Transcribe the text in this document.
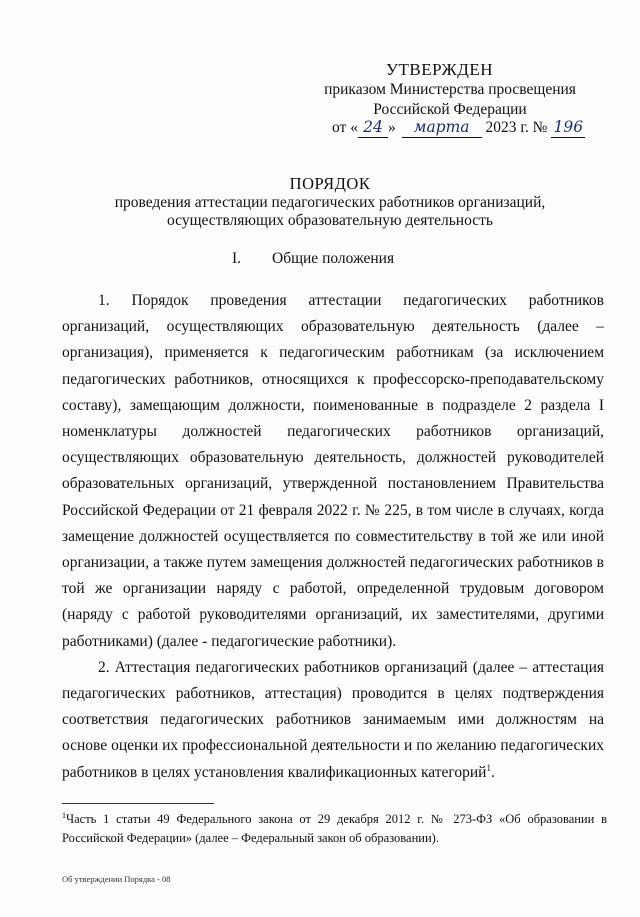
УТВЕРЖДЕН
приказом Министерства просвещения
Российской Федерации
от « 24 » марта 2023 г. № 196
ПОРЯДОК
проведения аттестации педагогических работников организаций,
осуществляющих образовательную деятельность
I. Общие положения

1. Порядок проведения аттестации педагогических работников организаций, осуществляющих образовательную деятельность (далее – организация), применяется к педагогическим работникам (за исключением педагогических работников, относящихся к профессорско-преподавательскому составу), замещающим должности, поименованные в подразделе 2 раздела I номенклатуры должностей педагогических работников организаций, осуществляющих образовательную деятельность, должностей руководителей образовательных организаций, утвержденной постановлением Правительства Российской Федерации от 21 февраля 2022 г. № 225, в том числе в случаях, когда замещение должностей осуществляется по совместительству в той же или иной организации, а также путем замещения должностей педагогических работников в той же организации наряду с работой, определенной трудовым договором (наряду с работой руководителями организаций, их заместителями, другими работниками) (далее - педагогические работники).

2. Аттестация педагогических работников организаций (далее – аттестация педагогических работников, аттестация) проводится в целях подтверждения соответствия педагогических работников занимаемым ими должностям на основе оценки их профессиональной деятельности и по желанию педагогических работников в целях установления квалификационных категорий$^1$.

$^1$Часть 1 статьи 49 Федерального закона от 29 декабря 2012 г. № 273-ФЗ «Об образовании в Российской Федерации» (далее – Федеральный закон об образовании).
Об утверждении Порядка - 08
